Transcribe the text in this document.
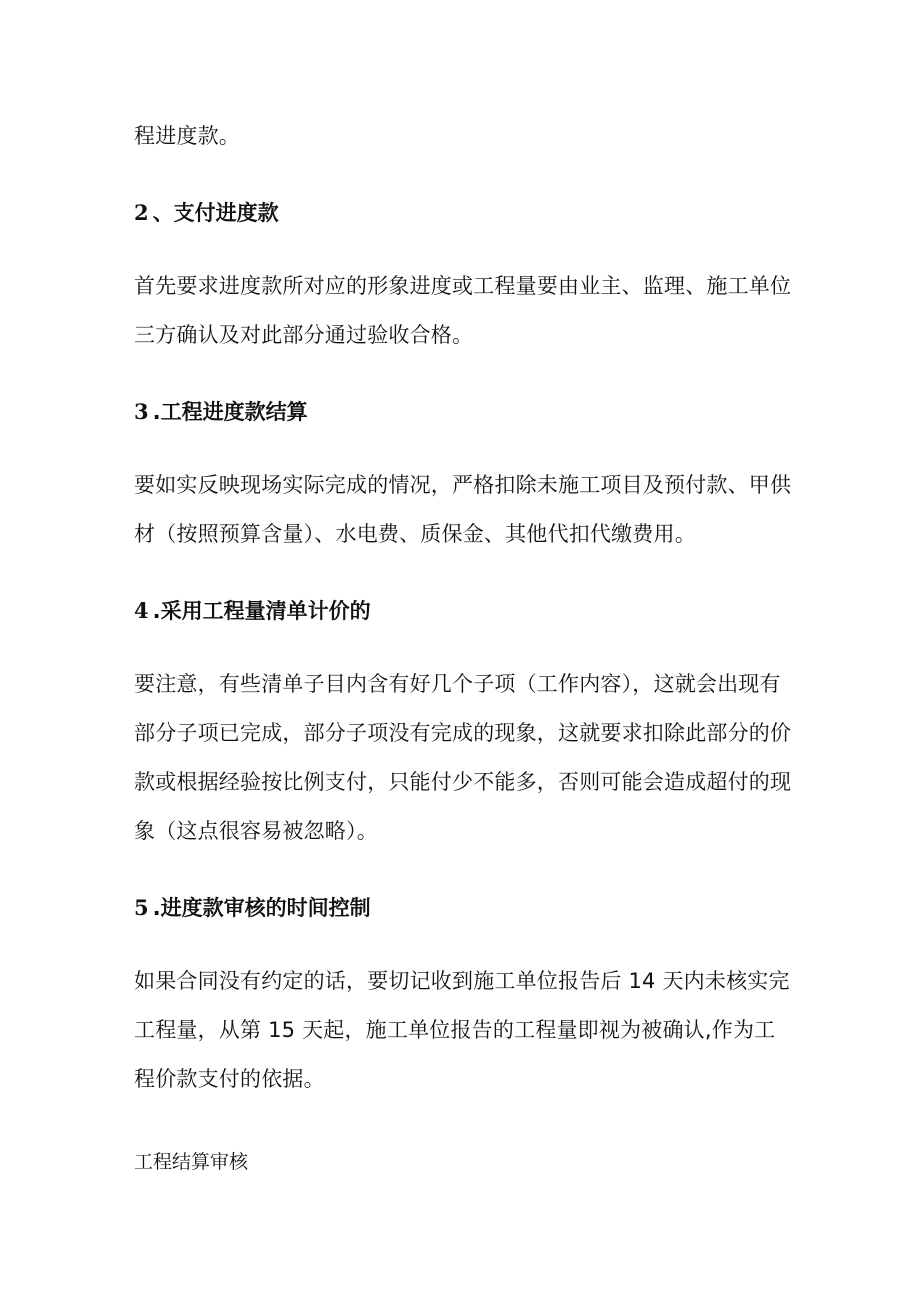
程进度款。

2 、支付进度款

首先要求进度款所对应的形象进度或工程量要由业主、监理、施工单位三方确认及对此部分通过验收合格。

3 .工程进度款结算

要如实反映现场实际完成的情况，严格扣除未施工项目及预付款、甲供材（按照预算含量）、水电费、质保金、其他代扣代缴费用。

4 .采用工程量清单计价的

要注意，有些清单子目内含有好几个子项（工作内容），这就会出现有部分子项已完成，部分子项没有完成的现象，这就要求扣除此部分的价款或根据经验按比例支付，只能付少不能多，否则可能会造成超付的现象（这点很容易被忽略）。

5 .进度款审核的时间控制

如果合同没有约定的话，要切记收到施工单位报告后 14 天内未核实完工程量，从第 15 天起，施工单位报告的工程量即视为被确认,作为工程价款支付的依据。

工程结算审核
